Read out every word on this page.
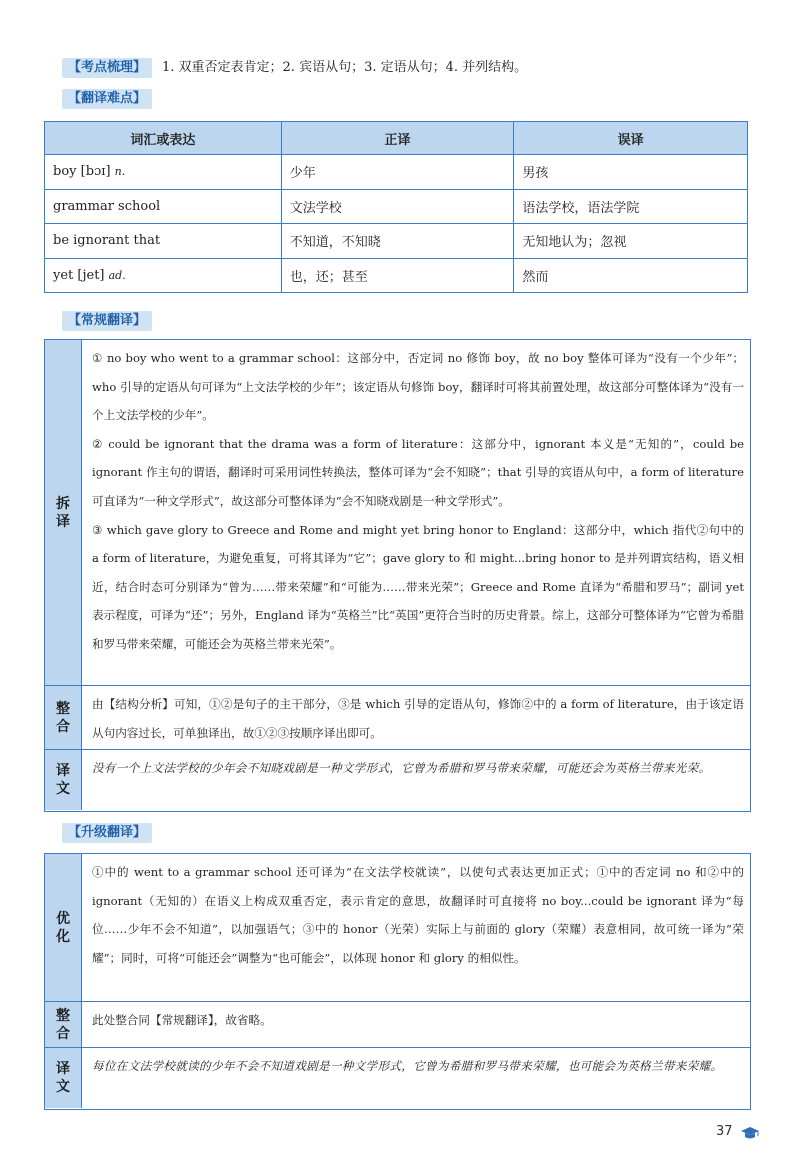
【考点梳理】	1. 双重否定表肯定；2. 宾语从句；3. 定语从句；4. 并列结构。
【翻译难点】
词汇或表达	正译	误译
boy [bɔɪ] n.	少年	男孩
grammar school	文法学校	语法学校，语法学院
be ignorant that	不知道，不知晓	无知地认为；忽视
yet [jet] ad.	也，还；甚至	然而
【常规翻译】
拆译

① no boy who went to a grammar school：这部分中，否定词 no 修饰 boy，故 no boy 整体可译为“没有一个少年”；who 引导的定语从句可译为“上文法学校的少年”；该定语从句修饰 boy，翻译时可将其前置处理，故这部分可整体译为“没有一个上文法学校的少年”。

② could be ignorant that the drama was a form of literature：这部分中，ignorant 本义是“无知的”，could be ignorant 作主句的谓语，翻译时可采用词性转换法，整体可译为“会不知晓”；that 引导的宾语从句中，a form of literature 可直译为“一种文学形式”，故这部分可整体译为“会不知晓戏剧是一种文学形式”。

③ which gave glory to Greece and Rome and might yet bring honor to England：这部分中，which 指代②句中的 a form of literature，为避免重复，可将其译为“它”；gave glory to 和 might...bring honor to 是并列谓宾结构，语义相近，结合时态可分别译为“曾为……带来荣耀”和“可能为……带来光荣”；Greece and Rome 直译为“希腊和罗马”；副词 yet 表示程度，可译为“还”；另外，England 译为“英格兰”比“英国”更符合当时的历史背景。综上，这部分可整体译为“它曾为希腊和罗马带来荣耀，可能还会为英格兰带来光荣”。

整合
由【结构分析】可知，①②是句子的主干部分，③是 which 引导的定语从句，修饰②中的 a form of literature，由于该定语从句内容过长，可单独译出，故①②③按顺序译出即可。
译文
没有一个上文法学校的少年会不知晓戏剧是一种文学形式，它曾为希腊和罗马带来荣耀，可能还会为英格兰带来光荣。
【升级翻译】
优化
①中的 went to a grammar school 还可译为“在文法学校就读”，以使句式表达更加正式；①中的否定词 no 和②中的 ignorant（无知的）在语义上构成双重否定，表示肯定的意思，故翻译时可直接将 no boy...could be ignorant 译为“每位……少年不会不知道”，以加强语气；③中的 honor（光荣）实际上与前面的 glory（荣耀）表意相同，故可统一译为“荣耀”；同时，可将“可能还会”调整为“也可能会”，以体现 honor 和 glory 的相似性。
整合
此处整合同【常规翻译】，故省略。
译文
每位在文法学校就读的少年不会不知道戏剧是一种文学形式，它曾为希腊和罗马带来荣耀，也可能会为英格兰带来荣耀。
37
